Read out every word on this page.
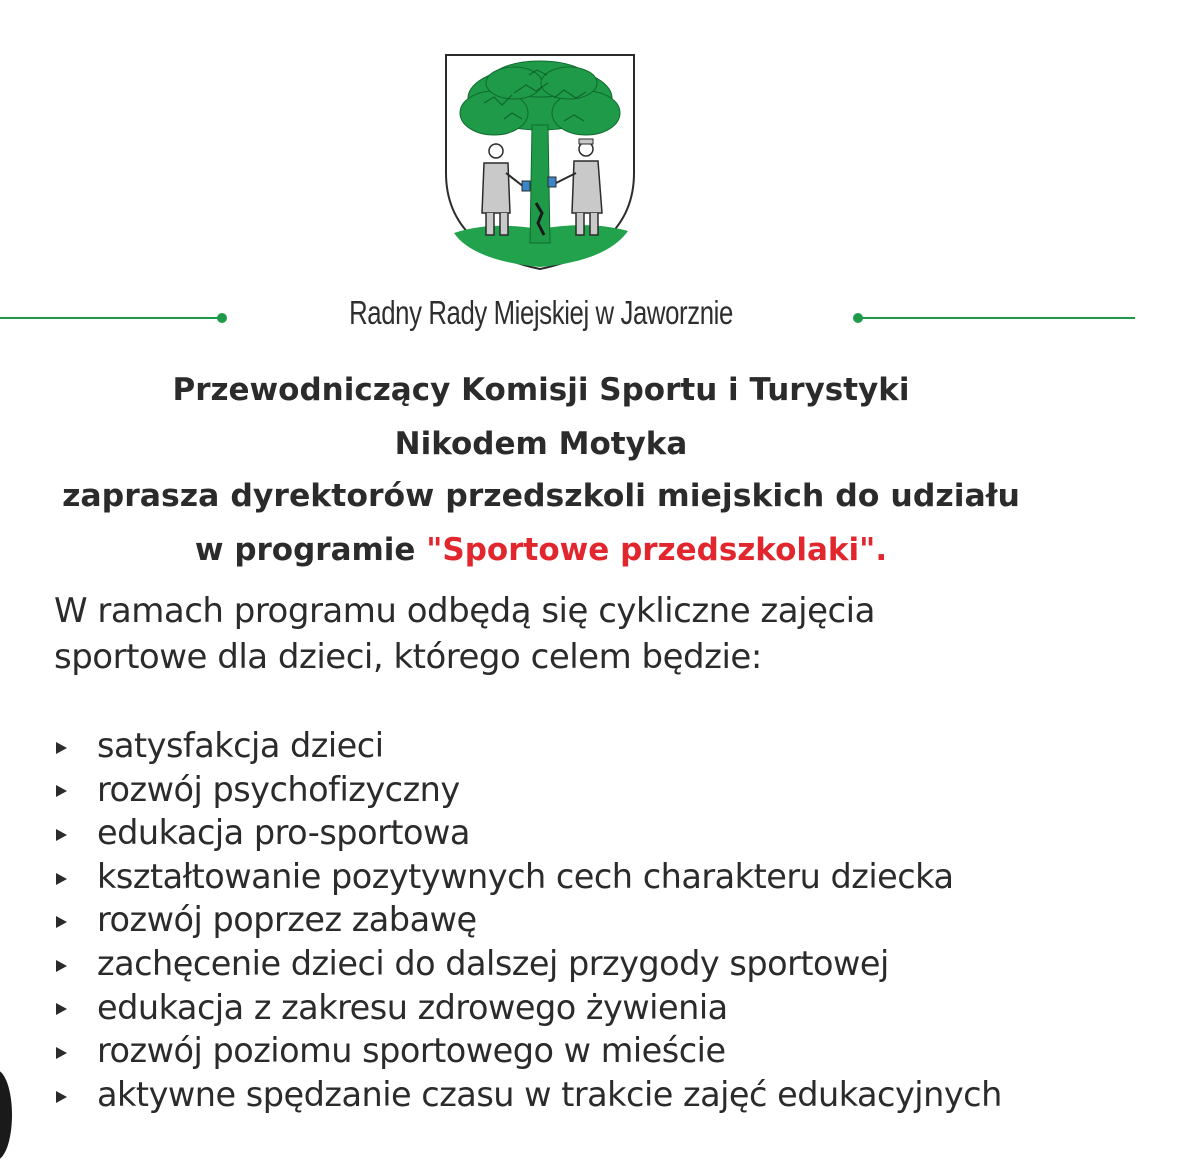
Radny Rady Miejskiej w Jaworznie
Przewodniczący Komisji Sportu i Turystyki
Nikodem Motyka
zaprasza dyrektorów przedszkoli miejskich do udziału
w programie "Sportowe przedszkolaki".
W ramach programu odbędą się cykliczne zajęcia
sportowe dla dzieci, którego celem będzie:
satysfakcja dzieci
rozwój psychofizyczny
edukacja pro-sportowa
kształtowanie pozytywnych cech charakteru dziecka
rozwój poprzez zabawę
zachęcenie dzieci do dalszej przygody sportowej
edukacja z zakresu zdrowego żywienia
rozwój poziomu sportowego w mieście
aktywne spędzanie czasu w trakcie zajęć edukacyjnych
